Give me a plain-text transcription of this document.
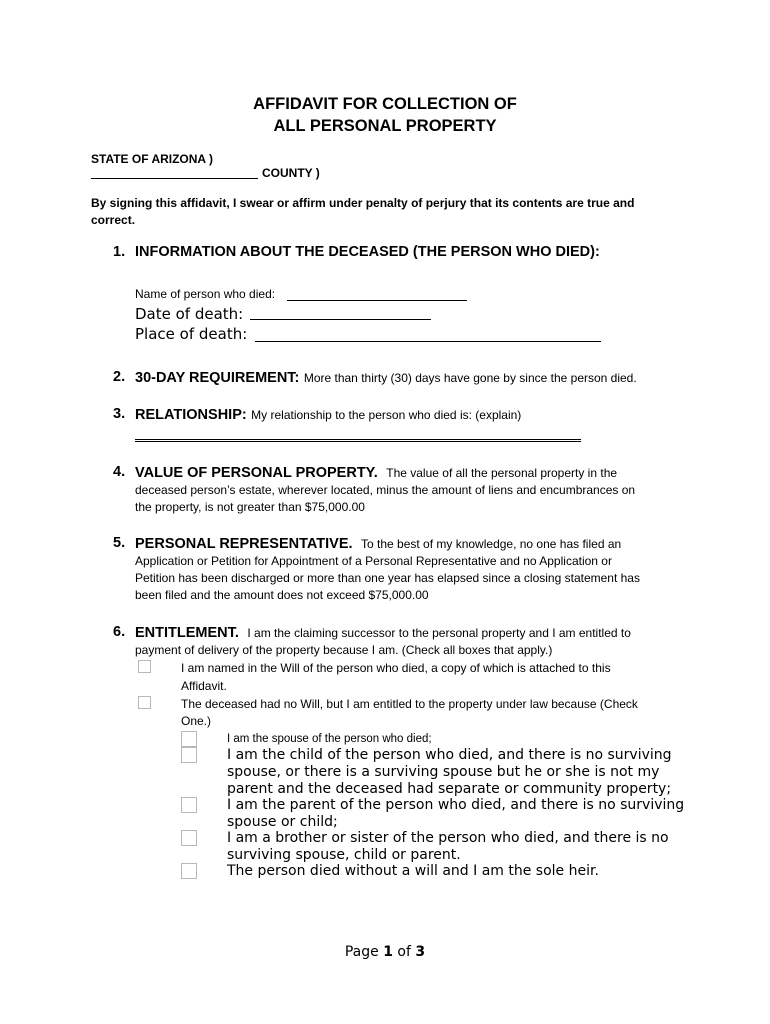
AFFIDAVIT FOR COLLECTION OF
ALL PERSONAL PROPERTY
STATE OF ARIZONA )
COUNTY )
By signing this affidavit, I swear or affirm under penalty of perjury that its contents are true and
correct.
1. INFORMATION ABOUT THE DECEASED (THE PERSON WHO DIED):
Name of person who died:
Date of death:
Place of death:
2. 30-DAY REQUIREMENT: More than thirty (30) days have gone by since the person died.
3. RELATIONSHIP: My relationship to the person who died is: (explain)
4. VALUE OF PERSONAL PROPERTY. The value of all the personal property in the
deceased person’s estate, wherever located, minus the amount of liens and encumbrances on
the property, is not greater than $75,000.00
5. PERSONAL REPRESENTATIVE. To the best of my knowledge, no one has filed an
Application or Petition for Appointment of a Personal Representative and no Application or
Petition has been discharged or more than one year has elapsed since a closing statement has
been filed and the amount does not exceed $75,000.00
6. ENTITLEMENT. I am the claiming successor to the personal property and I am entitled to
payment of delivery of the property because I am. (Check all boxes that apply.)
I am named in the Will of the person who died, a copy of which is attached to this
Affidavit.
The deceased had no Will, but I am entitled to the property under law because (Check
One.)
I am the spouse of the person who died;
I am the child of the person who died, and there is no surviving
spouse, or there is a surviving spouse but he or she is not my
parent and the deceased had separate or community property;
I am the parent of the person who died, and there is no surviving
spouse or child;
I am a brother or sister of the person who died, and there is no
surviving spouse, child or parent.
The person died without a will and I am the sole heir.
Page 1 of 3
